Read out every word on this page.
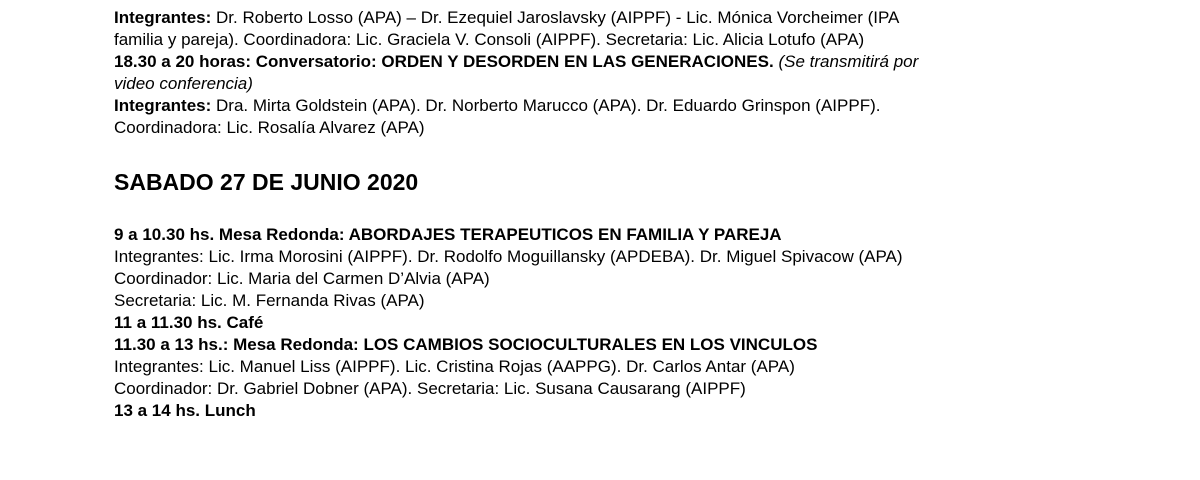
Integrantes: Dr. Roberto Losso (APA) – Dr. Ezequiel Jaroslavsky (AIPPF) - Lic. Mónica Vorcheimer (IPA
familia y pareja). Coordinadora: Lic. Graciela V. Consoli (AIPPF). Secretaria: Lic. Alicia Lotufo (APA)
18.30 a 20 horas: Conversatorio: ORDEN Y DESORDEN EN LAS GENERACIONES. (Se transmitirá por
video conferencia)
Integrantes: Dra. Mirta Goldstein (APA). Dr. Norberto Marucco (APA). Dr. Eduardo Grinspon (AIPPF).
Coordinadora: Lic. Rosalía Alvarez (APA)
SABADO 27 DE JUNIO 2020
9 a 10.30 hs. Mesa Redonda: ABORDAJES TERAPEUTICOS EN FAMILIA Y PAREJA
Integrantes: Lic. Irma Morosini (AIPPF). Dr. Rodolfo Moguillansky (APDEBA). Dr. Miguel Spivacow (APA)
Coordinador: Lic. Maria del Carmen D’Alvia (APA)
Secretaria: Lic. M. Fernanda Rivas (APA)
11 a 11.30 hs. Café
11.30 a 13 hs.: Mesa Redonda: LOS CAMBIOS SOCIOCULTURALES EN LOS VINCULOS
Integrantes: Lic. Manuel Liss (AIPPF). Lic. Cristina Rojas (AAPPG). Dr. Carlos Antar (APA)
Coordinador: Dr. Gabriel Dobner (APA). Secretaria: Lic. Susana Causarang (AIPPF)
13 a 14 hs. Lunch
